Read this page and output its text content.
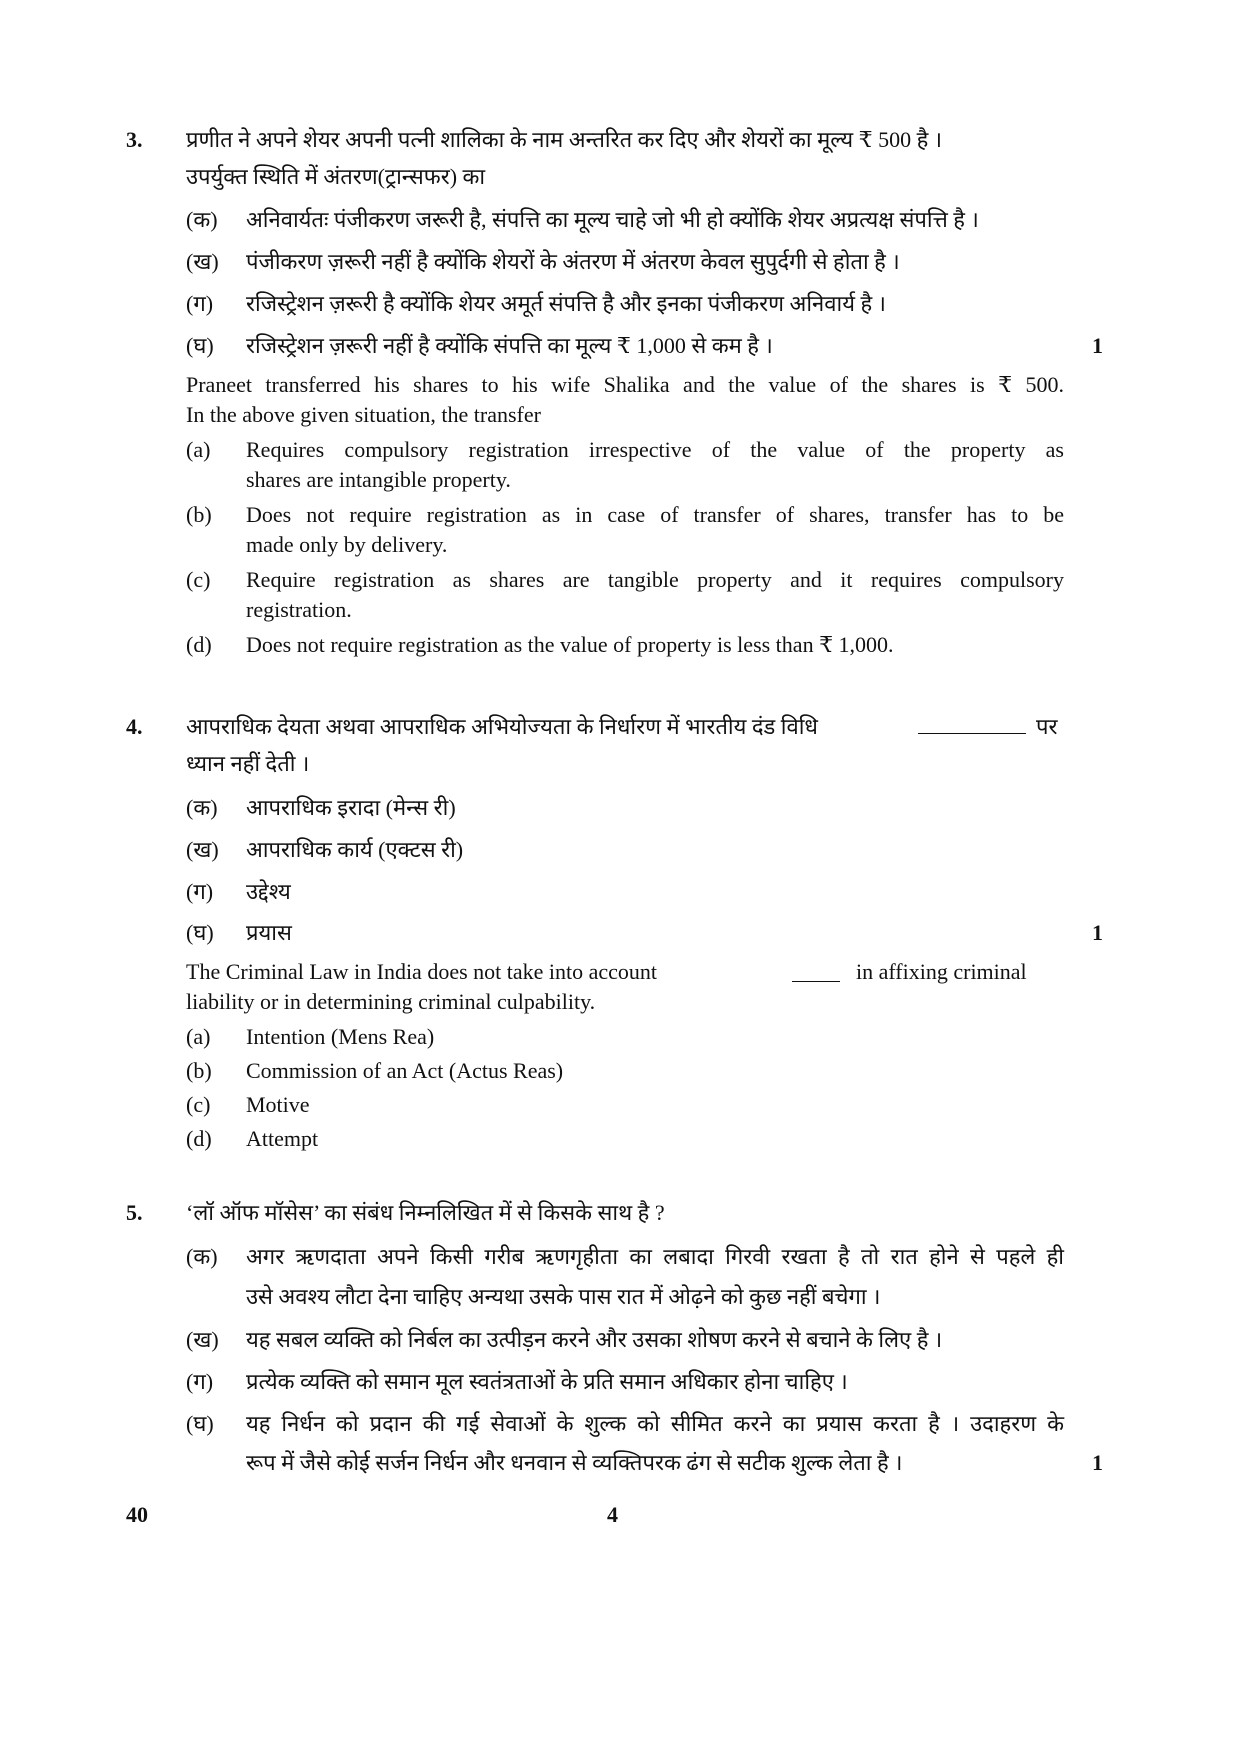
3. प्रणीत ने अपने शेयर अपनी पत्नी शालिका के नाम अन्तरित कर दिए और शेयरों का मूल्य ₹ 500 है ।
उपर्युक्त स्थिति में अंतरण(ट्रान्सफर) का
(क) अनिवार्यतः पंजीकरण जरूरी है, संपत्ति का मूल्य चाहे जो भी हो क्योंकि शेयर अप्रत्यक्ष संपत्ति है ।
(ख) पंजीकरण ज़रूरी नहीं है क्योंकि शेयरों के अंतरण में अंतरण केवल सुपुर्दगी से होता है ।
(ग) रजिस्ट्रेशन ज़रूरी है क्योंकि शेयर अमूर्त संपत्ति है और इनका पंजीकरण अनिवार्य है ।
(घ) रजिस्ट्रेशन ज़रूरी नहीं है क्योंकि संपत्ति का मूल्य ₹ 1,000 से कम है ।	1
Praneet transferred his shares to his wife Shalika and the value of the shares is ₹ 500.
In the above given situation, the transfer
(a) Requires compulsory registration irrespective of the value of the property as
shares are intangible property.
(b) Does not require registration as in case of transfer of shares, transfer has to be
made only by delivery.
(c) Require registration as shares are tangible property and it requires compulsory
registration.
(d) Does not require registration as the value of property is less than ₹ 1,000.
4. आपराधिक देयता अथवा आपराधिक अभियोज्यता के निर्धारण में भारतीय दंड विधि	पर
ध्यान नहीं देती ।
(क) आपराधिक इरादा (मेन्स री)
(ख) आपराधिक कार्य (एक्टस री)
(ग) उद्देश्य
(घ) प्रयास	1
The Criminal Law in India does not take into account	in affixing criminal
liability or in determining criminal culpability.
(a) Intention (Mens Rea)
(b) Commission of an Act (Actus Reas)
(c) Motive
(d) Attempt
5. ‘लॉ ऑफ मॉसेस’ का संबंध निम्नलिखित में से किसके साथ है ?
(क) अगर ऋणदाता अपने किसी गरीब ऋणगृहीता का लबादा गिरवी रखता है तो रात होने से पहले ही
उसे अवश्य लौटा देना चाहिए अन्यथा उसके पास रात में ओढ़ने को कुछ नहीं बचेगा ।
(ख) यह सबल व्यक्ति को निर्बल का उत्पीड़न करने और उसका शोषण करने से बचाने के लिए है ।
(ग) प्रत्येक व्यक्ति को समान मूल स्वतंत्रताओं के प्रति समान अधिकार होना चाहिए ।
(घ) यह निर्धन को प्रदान की गई सेवाओं के शुल्क को सीमित करने का प्रयास करता है । उदाहरण के
रूप में जैसे कोई सर्जन निर्धन और धनवान से व्यक्तिपरक ढंग से सटीक शुल्क लेता है ।	1
40	4
